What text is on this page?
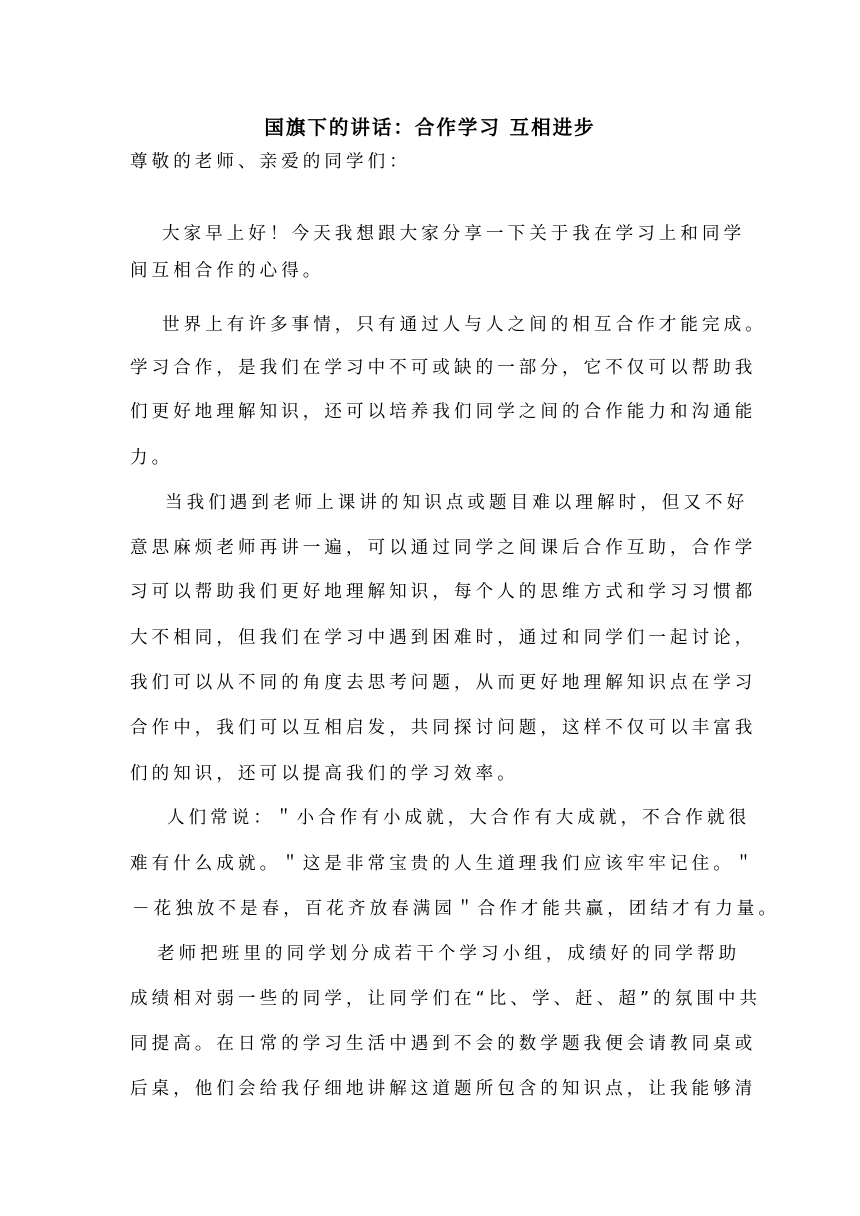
国旗下的讲话：合作学习 互相进步
尊敬的老师、亲爱的同学们：
大家早上好！今天我想跟大家分享一下关于我在学习上和同学
间互相合作的心得。
世界上有许多事情，只有通过人与人之间的相互合作才能完成。
学习合作，是我们在学习中不可或缺的一部分，它不仅可以帮助我
们更好地理解知识，还可以培养我们同学之间的合作能力和沟通能
力。
当我们遇到老师上课讲的知识点或题目难以理解时，但又不好
意思麻烦老师再讲一遍，可以通过同学之间课后合作互助，合作学
习可以帮助我们更好地理解知识，每个人的思维方式和学习习惯都
大不相同，但我们在学习中遇到困难时，通过和同学们一起讨论，
我们可以从不同的角度去思考问题，从而更好地理解知识点在学习
合作中，我们可以互相启发，共同探讨问题，这样不仅可以丰富我
们的知识，还可以提高我们的学习效率。
人们常说：＂小合作有小成就，大合作有大成就，不合作就很
难有什么成就。＂这是非常宝贵的人生道理我们应该牢牢记住。＂
－花独放不是春，百花齐放春满园＂合作才能共赢，团结才有力量。
老师把班里的同学划分成若干个学习小组，成绩好的同学帮助
成绩相对弱一些的同学，让同学们在“比、学、赶、超”的氛围中共
同提高。在日常的学习生活中遇到不会的数学题我便会请教同桌或
后桌，他们会给我仔细地讲解这道题所包含的知识点，让我能够清
